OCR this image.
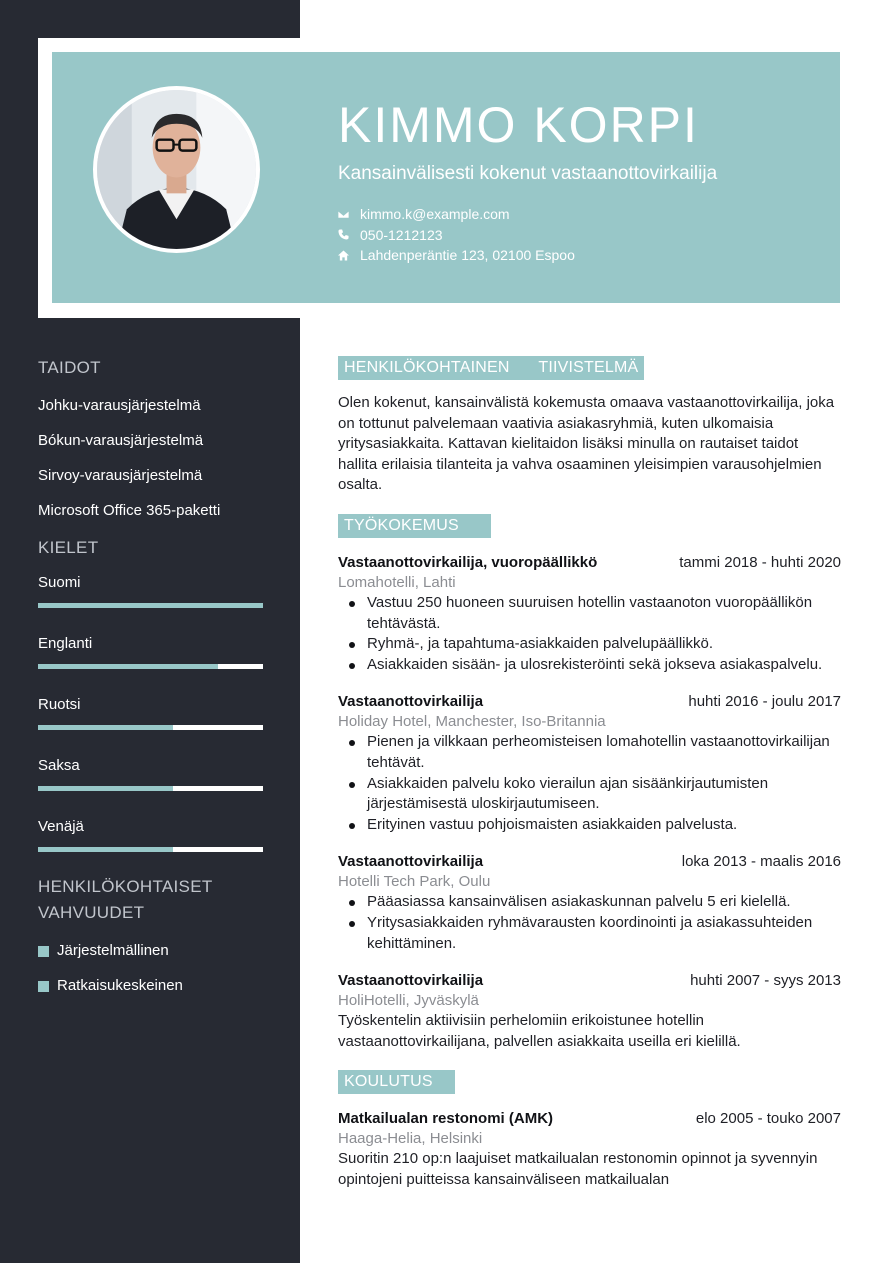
KIMMO KORPI
Kansainvälisesti kokenut vastaanottovirkailija
kimmo.k@example.com
050-1212123
Lahdenperäntie 123, 02100 Espoo
TAIDOT
Johku-varausjärjestelmä
Bókun-varausjärjestelmä
Sirvoy-varausjärjestelmä
Microsoft Office 365-paketti
KIELET
Suomi
Englanti
Ruotsi
Saksa
Venäjä
HENKILÖKOHTAISET VAHVUUDET
Järjestelmällinen
Ratkaisukeskeinen
HENKILÖKOHTAINEN      TIIVISTELMÄ
Olen kokenut, kansainvälistä kokemusta omaava vastaanottovirkailija, joka on tottunut palvelemaan vaativia asiakasryhmiä, kuten ulkomaisia yritysasiakkaita. Kattavan kielitaidon lisäksi minulla on rautaiset taidot hallita erilaisia tilanteita ja vahva osaaminen yleisimpien varausohjelmien osalta.
TYÖKOKEMUS
Vastaanottovirkailija, vuoropäällikkö	tammi 2018 - huhti 2020
Lomahotelli, Lahti
Vastuu 250 huoneen suuruisen hotellin vastaanoton vuoropäällikön tehtävästä.
Ryhmä-, ja tapahtuma-asiakkaiden palvelupäällikkö.
Asiakkaiden sisään- ja ulosrekisteröinti sekä jokseva asiakaspalvelu.
Vastaanottovirkailija	huhti 2016 - joulu 2017
Holiday Hotel, Manchester, Iso-Britannia
Pienen ja vilkkaan perheomisteisen lomahotellin vastaanottovirkailijan tehtävät.
Asiakkaiden palvelu koko vierailun ajan sisäänkirjautumisten järjestämisestä uloskirjautumiseen.
Erityinen vastuu pohjoismaisten asiakkaiden palvelusta.
Vastaanottovirkailija	loka 2013 - maalis 2016
Hotelli Tech Park, Oulu
Pääasiassa kansainvälisen asiakaskunnan palvelu 5 eri kielellä.
Yritysasiakkaiden ryhmävarausten koordinointi ja asiakassuhteiden kehittäminen.
Vastaanottovirkailija	huhti 2007 - syys 2013
HoliHotelli, Jyväskylä
Työskentelin aktiivisiin perhelomiin erikoistunee hotellin vastaanottovirkailijana, palvellen asiakkaita useilla eri kielillä.
KOULUTUS
Matkailualan restonomi (AMK)	elo 2005 - touko 2007
Haaga-Helia, Helsinki
Suoritin 210 op:n laajuiset matkailualan restonomin opinnot ja syvennyin opintojeni puitteissa kansainväliseen matkailualan
